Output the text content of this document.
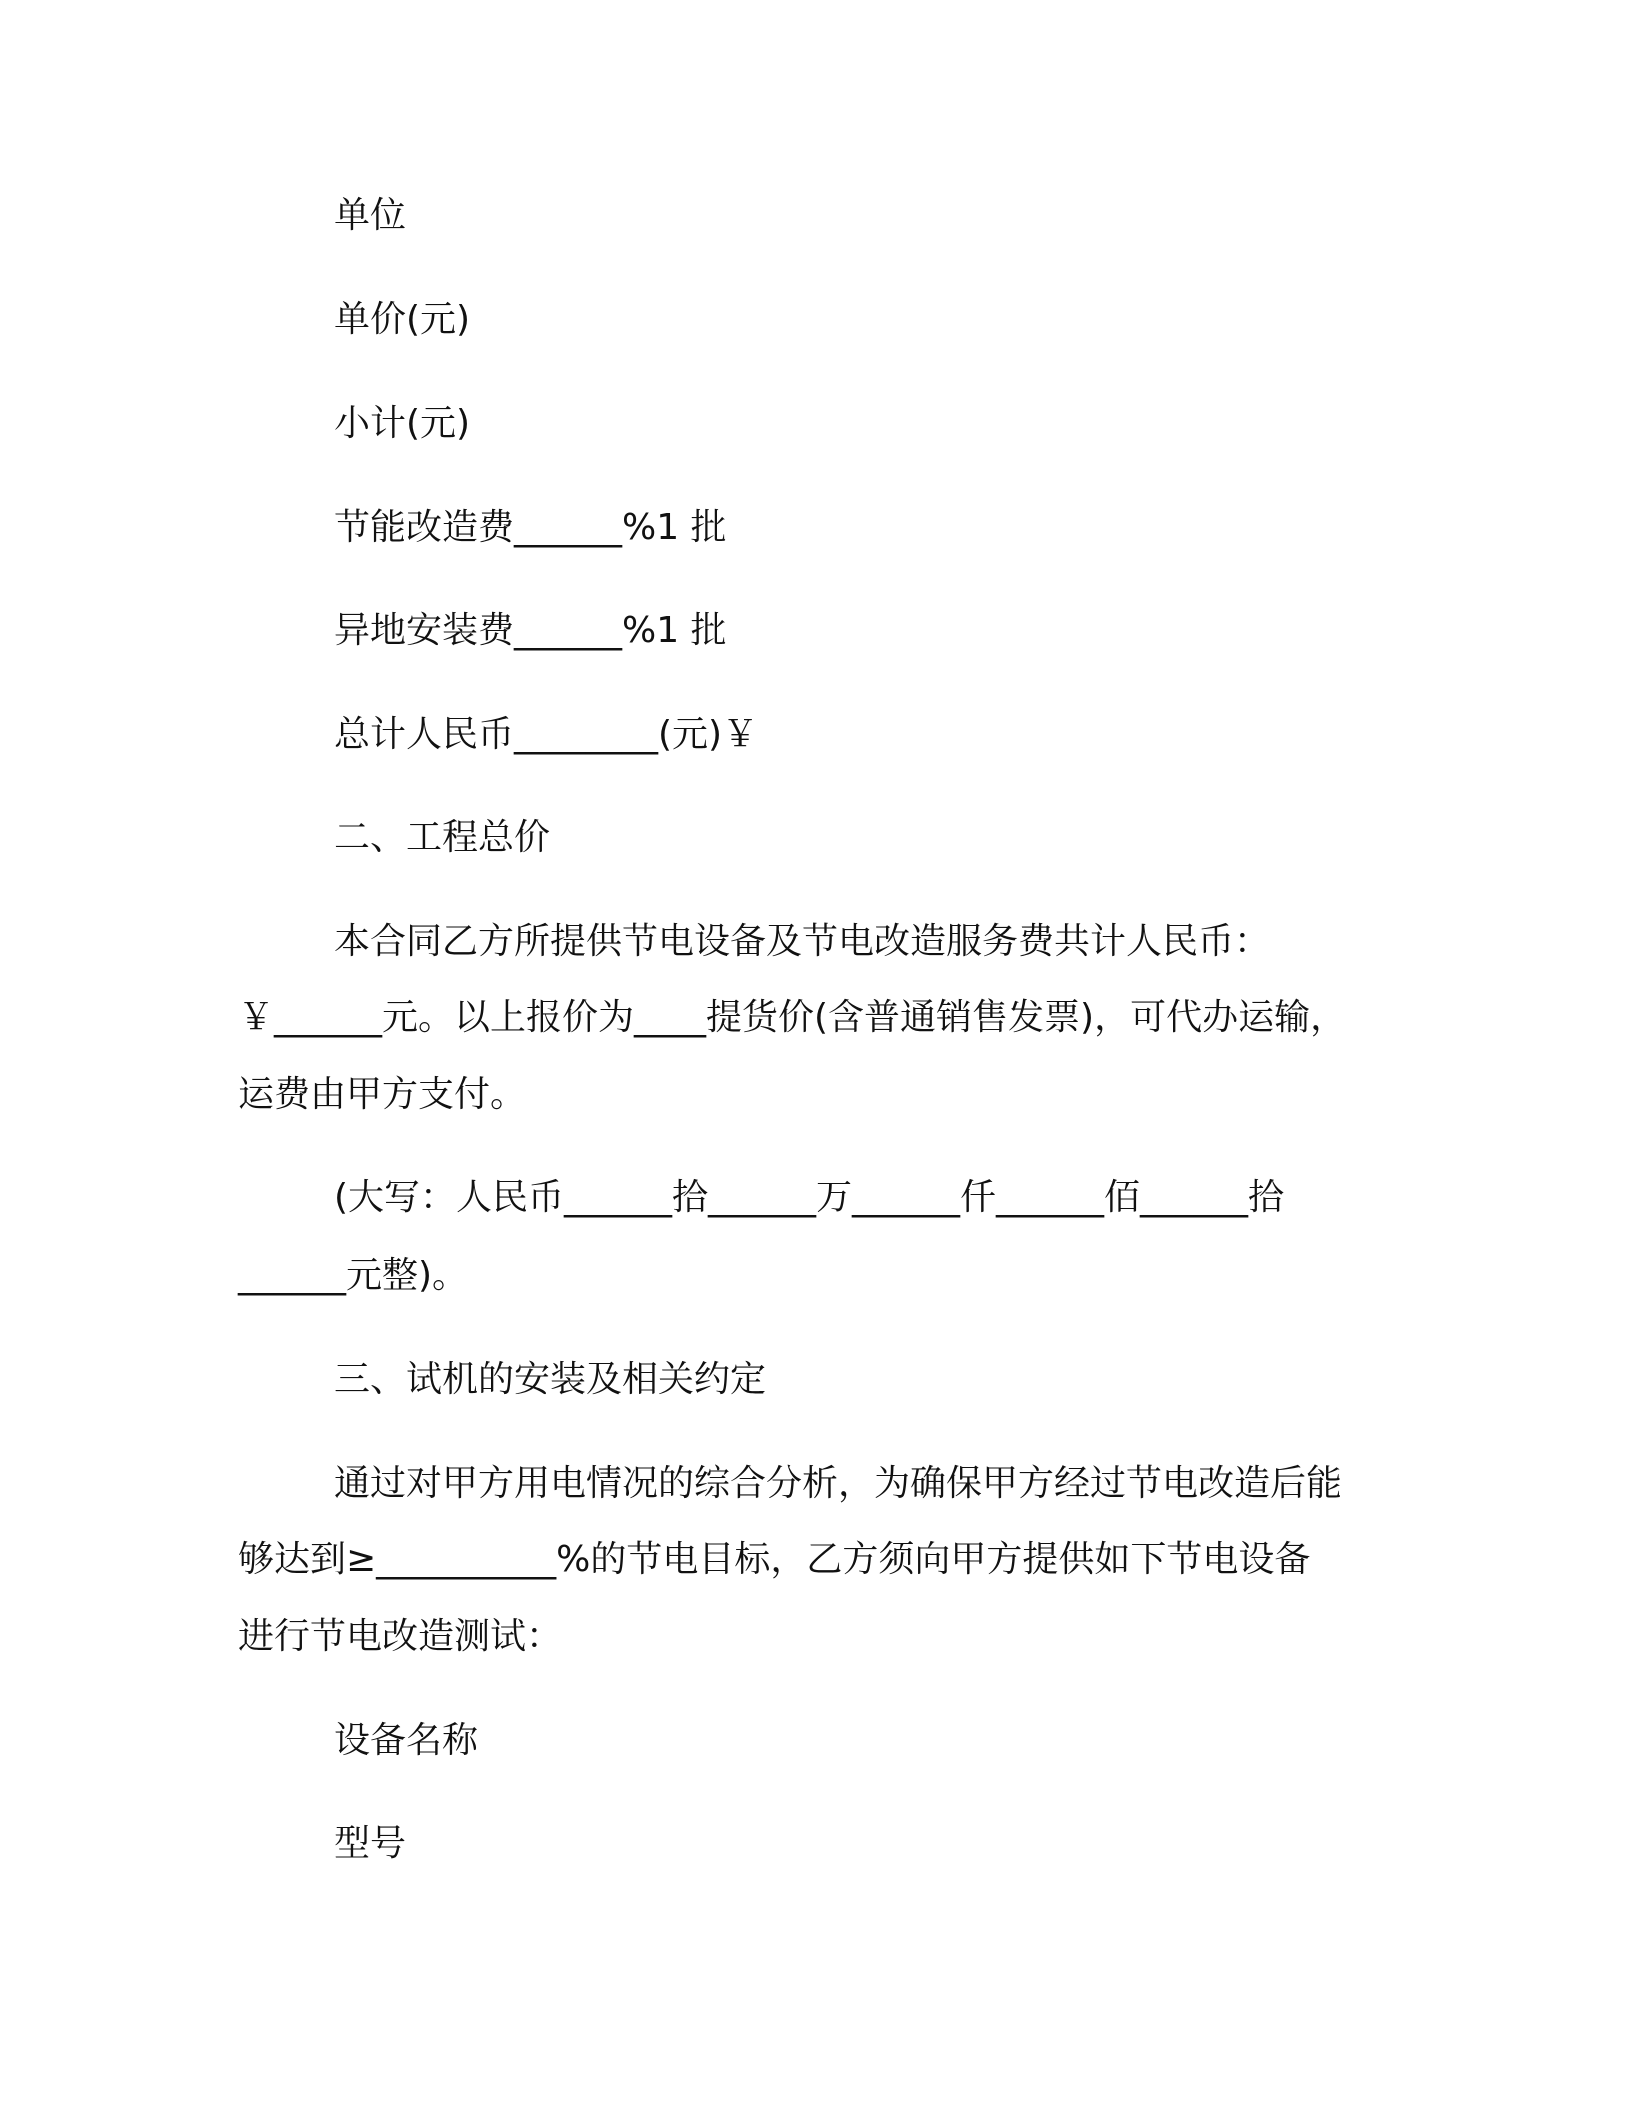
单位
单价(元)
小计(元)
节能改造费______%1 批
异地安装费______%1 批
总计人民币________(元)￥
二、工程总价
本合同乙方所提供节电设备及节电改造服务费共计人民币：
￥______元。以上报价为____提货价(含普通销售发票)，可代办运输，
运费由甲方支付。
(大写：人民币______拾______万______仟______佰______拾
______元整)。
三、试机的安装及相关约定
通过对甲方用电情况的综合分析，为确保甲方经过节电改造后能
够达到≥__________%的节电目标，乙方须向甲方提供如下节电设备
进行节电改造测试：
设备名称
型号
